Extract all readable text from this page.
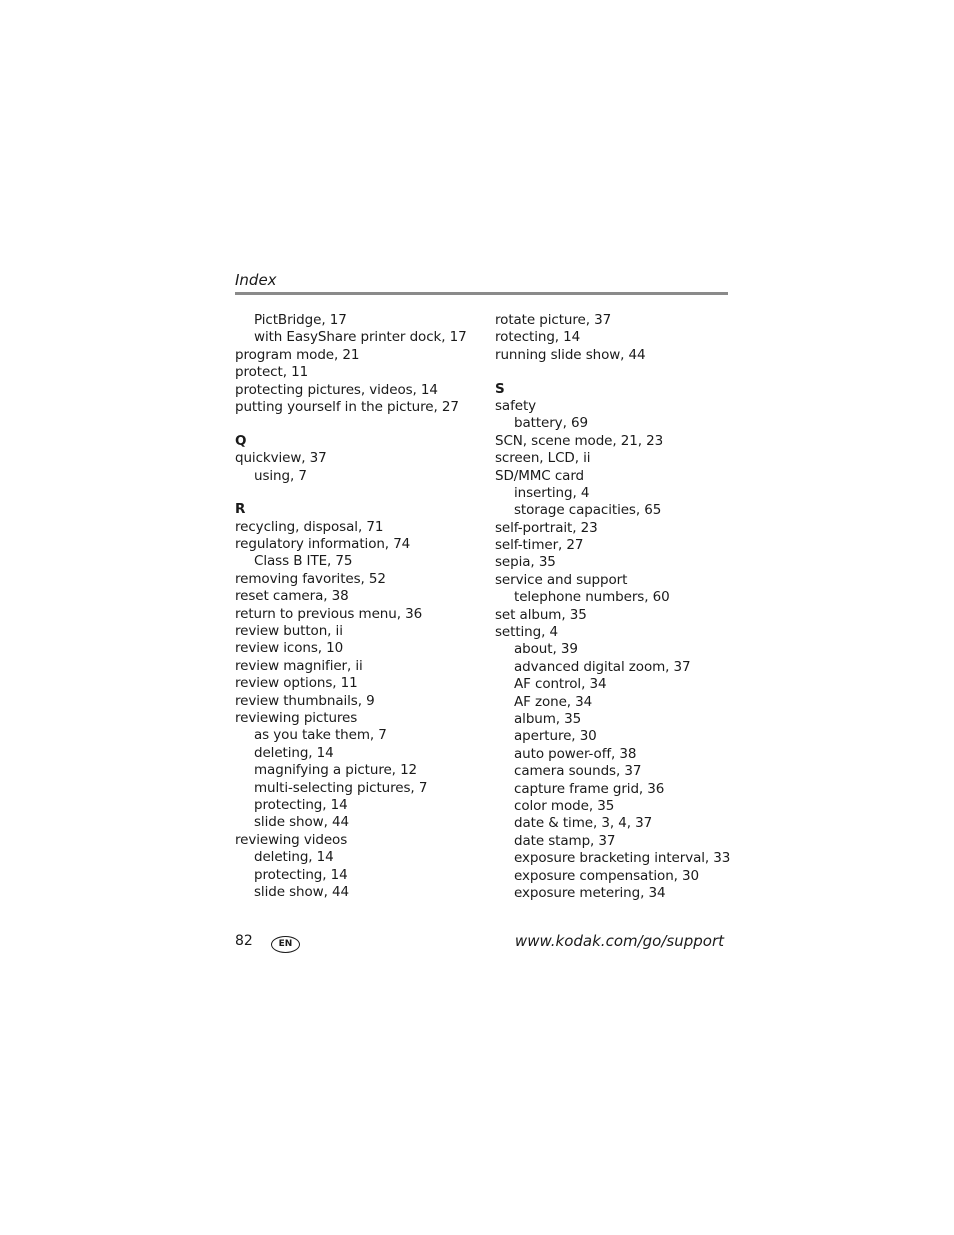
Index
PictBridge, 17
with EasyShare printer dock, 17
program mode, 21
protect, 11
protecting pictures, videos, 14
putting yourself in the picture, 27
Q
quickview, 37
using, 7
R
recycling, disposal, 71
regulatory information, 74
Class B ITE, 75
removing favorites, 52
reset camera, 38
return to previous menu, 36
review button, ii
review icons, 10
review magnifier, ii
review options, 11
review thumbnails, 9
reviewing pictures
as you take them, 7
deleting, 14
magnifying a picture, 12
multi-selecting pictures, 7
protecting, 14
slide show, 44
reviewing videos
deleting, 14
protecting, 14
slide show, 44
rotate picture, 37
rotecting, 14
running slide show, 44
S
safety
battery, 69
SCN, scene mode, 21, 23
screen, LCD, ii
SD/MMC card
inserting, 4
storage capacities, 65
self-portrait, 23
self-timer, 27
sepia, 35
service and support
telephone numbers, 60
set album, 35
setting, 4
about, 39
advanced digital zoom, 37
AF control, 34
AF zone, 34
album, 35
aperture, 30
auto power-off, 38
camera sounds, 37
capture frame grid, 36
color mode, 35
date & time, 3, 4, 37
date stamp, 37
exposure bracketing interval, 33
exposure compensation, 30
exposure metering, 34
82	EN	www.kodak.com/go/support
